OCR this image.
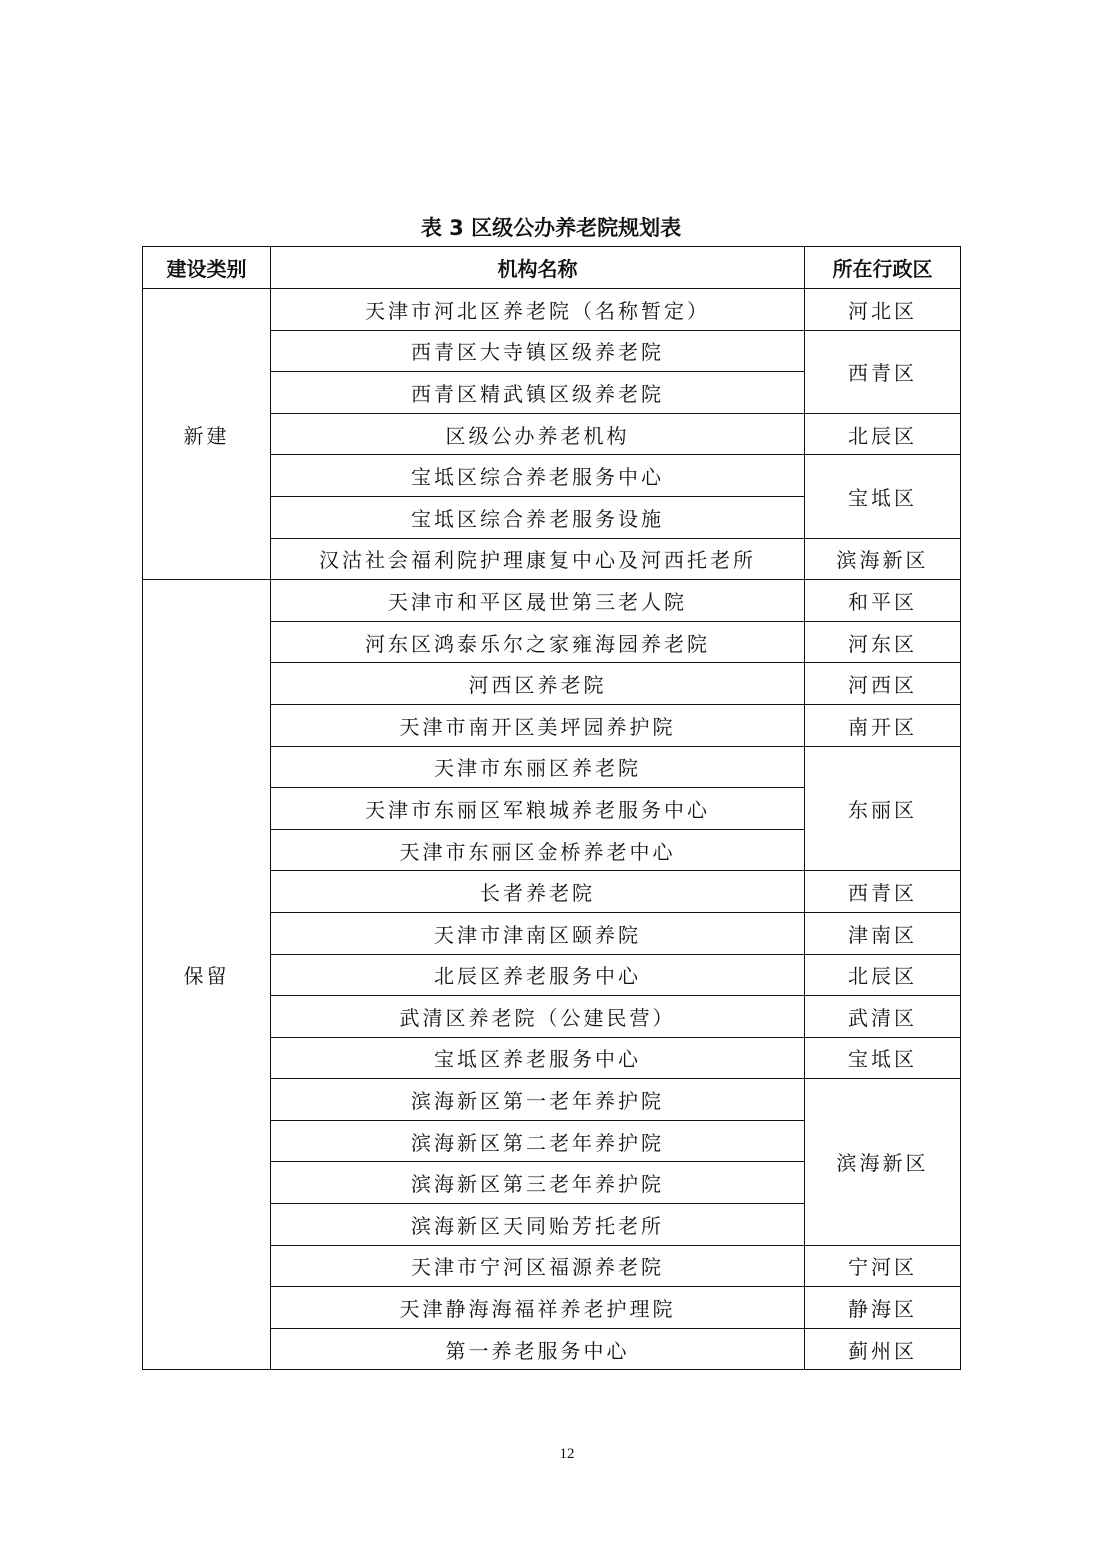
表 3 区级公办养老院规划表
建设类别	机构名称	所在行政区
新建	天津市河北区养老院（名称暂定）	河北区
	西青区大寺镇区级养老院	西青区
	西青区精武镇区级养老院	
	区级公办养老机构	北辰区
	宝坻区综合养老服务中心	宝坻区
	宝坻区综合养老服务设施	
	汉沽社会福利院护理康复中心及河西托老所	滨海新区
保留	天津市和平区晟世第三老人院	和平区
	河东区鸿泰乐尔之家雍海园养老院	河东区
	河西区养老院	河西区
	天津市南开区美坪园养护院	南开区
	天津市东丽区养老院	东丽区
	天津市东丽区军粮城养老服务中心	
	天津市东丽区金桥养老中心	
	长者养老院	西青区
	天津市津南区颐养院	津南区
	北辰区养老服务中心	北辰区
	武清区养老院（公建民营）	武清区
	宝坻区养老服务中心	宝坻区
	滨海新区第一老年养护院	滨海新区
	滨海新区第二老年养护院	
	滨海新区第三老年养护院	
	滨海新区天同贻芳托老所	
	天津市宁河区福源养老院	宁河区
	天津静海海福祥养老护理院	静海区
	第一养老服务中心	蓟州区
12
